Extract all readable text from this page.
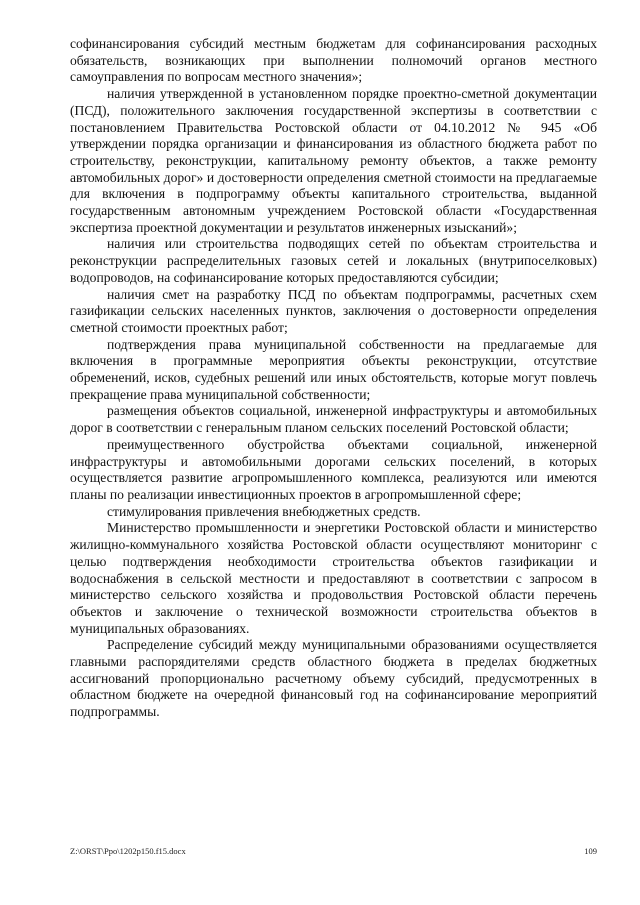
софинансирования субсидий местным бюджетам для софинансирования расходных обязательств, возникающих при выполнении полномочий органов местного самоуправления по вопросам местного значения»;

наличия утвержденной в установленном порядке проектно-сметной документации (ПСД), положительного заключения государственной экспертизы в соответствии с постановлением Правительства Ростовской области от 04.10.2012 № 945 «Об утверждении порядка организации и финансирования из областного бюджета работ по строительству, реконструкции, капитальному ремонту объектов, а также ремонту автомобильных дорог» и достоверности определения сметной стоимости на предлагаемые для включения в подпрограмму объекты капитального строительства, выданной государственным автономным учреждением Ростовской области «Государственная экспертиза проектной документации и результатов инженерных изысканий»;

наличия или строительства подводящих сетей по объектам строительства и реконструкции распределительных газовых сетей и локальных (внутрипоселковых) водопроводов, на софинансирование которых предоставляются субсидии;

наличия смет на разработку ПСД по объектам подпрограммы, расчетных схем газификации сельских населенных пунктов, заключения о достоверности определения сметной стоимости проектных работ;

подтверждения права муниципальной собственности на предлагаемые для включения в программные мероприятия объекты реконструкции, отсутствие обременений, исков, судебных решений или иных обстоятельств, которые могут повлечь прекращение права муниципальной собственности;

размещения объектов социальной, инженерной инфраструктуры и автомобильных дорог в соответствии с генеральным планом сельских поселений Ростовской области;

преимущественного обустройства объектами социальной, инженерной инфраструктуры и автомобильными дорогами сельских поселений, в которых осуществляется развитие агропромышленного комплекса, реализуются или имеются планы по реализации инвестиционных проектов в агропромышленной сфере;

стимулирования привлечения внебюджетных средств.

Министерство промышленности и энергетики Ростовской области и министерство жилищно-коммунального хозяйства Ростовской области осуществляют мониторинг с целью подтверждения необходимости строительства объектов газификации и водоснабжения в сельской местности и предоставляют в соответствии с запросом в министерство сельского хозяйства и продовольствия Ростовской области перечень объектов и заключение о технической возможности строительства объектов в муниципальных образованиях.

Распределение субсидий между муниципальными образованиями осуществляется главными распорядителями средств областного бюджета в пределах бюджетных ассигнований пропорционально расчетному объему субсидий, предусмотренных в областном бюджете на очередной финансовый год на софинансирование мероприятий подпрограммы.

Z:\ORST\Ppo\1202p150.f15.docx	109
